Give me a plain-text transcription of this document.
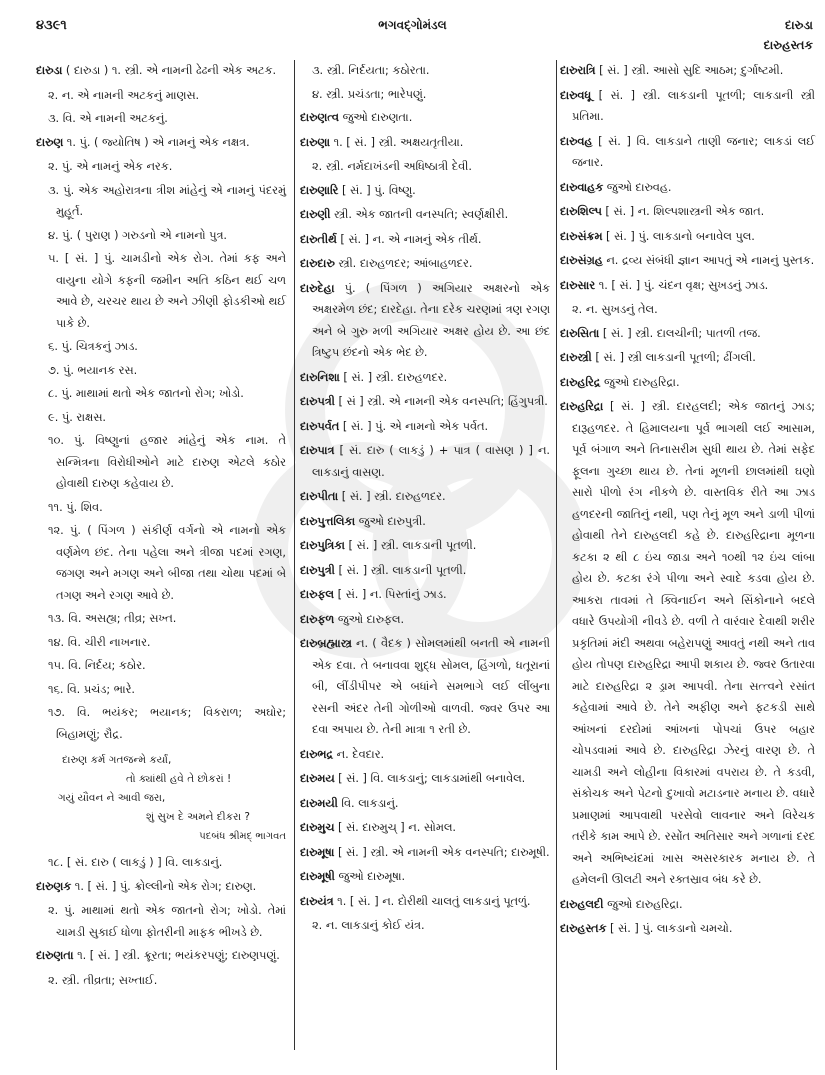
૪૩૯૧	ભગવદ્ગોમંડલ	દારુડા
દારુહસ્તક
દારુડા ( દારુડા ) ૧. સ્ત્રી. એ નામની ઢેઢની એક અટક.
૨. ન. એ નામની અટકનું માણસ.
૩. વિ. એ નામની અટકનું.
દારુણ ૧. પું. ( જ્યોતિષ ) એ નામનું એક નક્ષત્ર.
૨. પું. એ નામનું એક નરક.
૩. પું. એક અહોરાત્રના ત્રીશ માંહેનું એ નામનું પંદરમું મુહૂર્ત.
૪. પું. ( પુરાણ ) ગરુડનો એ નામનો પુત્ર.
૫. [ સં. ] પું. ચામડીનો એક રોગ. તેમાં કફ અને વાયુના યોગે કફની જમીન અતિ કઠિન થઈ ચળ આવે છે, ચરચર થાય છે અને ઝીણી ફોડકીઓ થઈ પાકે છે.
૬. પું. ચિત્રકનું ઝાડ.
૭. પું. ભયાનક રસ.
૮. પું. માથામાં થતો એક જાતનો રોગ; ખોડો.
૯. પું. રાક્ષસ.
૧૦. પું. વિષ્ણુનાં હજાર માંહેનું એક નામ. તે સન્મિત્રના વિરોધીઓને માટે દારુણ એટલે કઠોર હોવાથી દારુણ કહેવાય છે.
૧૧. પું. શિવ.
૧૨. પું. ( પિંગળ ) સંકીર્ણ વર્ગનો એ નામનો એક વર્ણમેળ છંદ. તેના પહેલા અને ત્રીજા પદમાં રગણ, જગણ અને મગણ અને બીજા તથા ચોથા પદમાં બે તગણ અને રગણ આવે છે.
૧૩. વિ. અસહ્ય; તીવ્ર; સખ્ત.
૧૪. વિ. ચીરી નાખનાર.
૧૫. વિ. નિર્દય; કઠોર.
૧૬. વિ. પ્રચંડ; ભારે.
૧૭. વિ. ભયંકર; ભયાનક; વિકરાળ; અઘોર; બિહામણું; રૌદ્ર.
દારુણ કર્મ ગતજન્મે કર્યાં,
તો ક્યાંથી હવે તે છોકરાં !
ગયું યૌવન ને આવી જરા,
શું સુખ દે અમને દીકરા ?
પદબંધ શ્રીમદ્ ભાગવત
૧૮. [ સં. દારુ ( લાકડું ) ] વિ. લાકડાનું.
દારુણક ૧. [ સં. ] પું. ક્રોલ્લીનો એક રોગ; દારુણ.
૨. પું. માથામાં થતો એક જાતનો રોગ; ખોડો. તેમાં ચામડી સુકાઈ ધોળા ફોતરીની માફક ભીખડે છે.
દારુણતા ૧. [ સં. ] સ્ત્રી. ક્રૂરતા; ભયંકરપણું; દારુણપણું.
૨. સ્ત્રી. તીવ્રતા; સખ્તાઈ.
૩. સ્ત્રી. નિર્દયતા; કઠોરતા.
૪. સ્ત્રી. પ્રચંડતા; ભારેપણું.
દારુણત્વ જુઓ દારુણતા.
દારુણા ૧. [ સં. ] સ્ત્રી. અક્ષયતૃતીયા.
૨. સ્ત્રી. નર્મદાખંડની અધિષ્ઠાત્રી દેવી.
દારુણારિ [ સં. ] પું. વિષ્ણુ.
દારુણી સ્ત્રી. એક જાતની વનસ્પતિ; સ્વર્ણક્ષીરી.
દારુતીર્થ [ સં. ] ન. એ નામનું એક તીર્થ.
દારુદારુ સ્ત્રી. દારુહળદર; આંબાહળદર.
દારુદેહા પું. ( પિંગળ ) અગિયાર અક્ષરનો એક અક્ષરમેળ છંદ; દારદેહા. તેના દરેક ચરણમાં ત્રણ રગણ અને બે ગુરુ મળી અગિયાર અક્ષર હોય છે. આ છંદ ત્રિષ્ટુપ છંદનો એક ભેદ છે.
દારુનિશા [ સં. ] સ્ત્રી. દારુહળદર.
દારુપત્રી [ સં ] સ્ત્રી. એ નામની એક વનસ્પતિ; હિંગુપત્રી.
દારુપર્વત [ સં. ] પું. એ નામનો એક પર્વત.
દારુપાત્ર [ સં. દારુ ( લાકડું ) + પાત્ર ( વાસણ ) ] ન. લાકડાનું વાસણ.
દારુપીતા [ સં. ] સ્ત્રી. દારુહળદર.
દારુપુત્તલિકા જુઓ દારુપુત્રી.
દારુપુત્રિકા [ સં. ] સ્ત્રી. લાકડાની પૂતળી.
દારુપુત્રી [ સં. ] સ્ત્રી. લાકડાની પૂતળી.
દારુફલ [ સં. ] ન. પિસ્તાંનું ઝાડ.
દારુફળ જુઓ દારુફલ.
દારુબ્રહ્માસ્ત્ર ન. ( વૈદક ) સોમલમાંથી બનતી એ નામની એક દવા. તે બનાવવા શુદ્ધ સોમલ, હિંગળો, ધતૂરાનાં બી, લીંડીપીપર એ બધાંને સમભાગે લઈ લીંબુના રસની અંદર તેની ગોળીઓ વાળવી. જ્વર ઉપર આ દવા અપાય છે. તેની માત્રા ૧ રતી છે.
દારુભદ્ર ન. દેવદાર.
દારુમય [ સં. ] વિ. લાકડાનું; લાકડામાંથી બનાવેલ.
દારુમયી વિ. લાકડાનું.
દારુમુચ [ સં. દારુમુચ્ ] ન. સોમલ.
દારુમૂષા [ સં. ] સ્ત્રી. એ નામની એક વનસ્પતિ; દારુમૂષી.
દારુમૂષી જુઓ દારુમૂષા.
દારુયંત્ર ૧. [ સં. ] ન. દોરીથી ચાલતું લાકડાનું પૂતળું.
૨. ન. લાકડાનું કોઈ યંત્ર.
દારુરાત્રિ [ સં. ] સ્ત્રી. આસો સુદિ આઠમ; દુર્ગાષ્ટમી.
દારુવધૂ [ સં. ] સ્ત્રી. લાકડાની પૂતળી; લાકડાની સ્ત્રી પ્રતિમા.
દારુવહ [ સં. ] વિ. લાકડાને તાણી જનાર; લાકડાં લઈ જનાર.
દારુવાહક જુઓ દારુવહ.
દારુશિલ્પ [ સં. ] ન. શિલ્પશાસ્ત્રની એક જાત.
દારુસંક્રમ [ સં. ] પું. લાકડાનો બનાવેલ પુલ.
દારુસંગ્રહ ન. દ્રવ્ય સંબંધી જ્ઞાન આપતું એ નામનું પુસ્તક.
દારુસાર ૧. [ સં. ] પું. ચંદન વૃક્ષ; સુખડનું ઝાડ.
૨. ન. સુખડનું તેલ.
દારુસિતા [ સં. ] સ્ત્રી. દાલચીની; પાતળી તજ.
દારુસ્ત્રી [ સં. ] સ્ત્રી લાકડાની પૂતળી; ઢીંગલી.
દારુહરિદ્ર જુઓ દારુહરિદ્રા.
દારુહરિદ્રા [ સં. ] સ્ત્રી. દારહલદી; એક જાતનું ઝાડ; દારૂહળદર. તે હિમાલયના પૂર્વ ભાગથી લઈ આસામ, પૂર્વ બંગાળ અને તિનાસરીમ સુધી થાય છે. તેમાં સફેદ ફૂલના ગુચ્છા થાય છે. તેનાં મૂળની છાલમાંથી ઘણો સારો પીળો રંગ નીકળે છે. વાસ્તવિક રીતે આ ઝાડ હળદરની જાતિનું નથી, પણ તેનું મૂળ અને ડાળી પીળાં હોવાથી તેને દારુહલદી કહે છે. દારુહરિદ્રાના મૂળના કટકા ૨ થી ૮ ઇંચ જાડા અને ૧૦થી ૧૨ ઇંચ લાંબા હોય છે. કટકા રંગે પીળા અને સ્વાદે કડવા હોય છે. આકરા તાવમાં તે ક્વિનાઈન અને સિંકોનાને બદલે વધારે ઉપયોગી નીવડે છે. વળી તે વારંવાર દેવાથી શરીર પ્રકૃતિમાં મંદી અથવા બહેરાપણું આવતું નથી અને તાવ હોય તોપણ દારુહરિદ્રા આપી શકાય છે. જ્વર ઉતારવા માટે દારુહરિદ્રા ૨ ડ્રામ આપવી. તેના સત્ત્વને રસાંત કહેવામાં આવે છે. તેને અફીણ અને ફટકડી સાથે આંખનાં દરદોમાં આંખનાં પોપચાં ઉપર બહાર ચોપડવામાં આવે છે. દારુહરિદ્રા ઝેરનું વારણ છે. તે ચામડી અને લોહીના વિકારમાં વપરાય છે. તે કડવી, સંકોચક અને પેટનો દુખાવો મટાડનાર મનાય છે. વધારે પ્રમાણમાં આપવાથી પરસેવો લાવનાર અને વિરેચક તરીકે કામ આપે છે. રસોંત અતિસાર અને ગળાનાં દરદ અને અભિષ્યંદમાં ખાસ અસરકારક મનાય છે. તે હમેલની ઊલટી અને રક્તસ્રાવ બંધ કરે છે.
દારુહલદી જુઓ દારુહરિદ્રા.
દારુહસ્તક [ સં. ] પું. લાકડાનો ચમચો.
